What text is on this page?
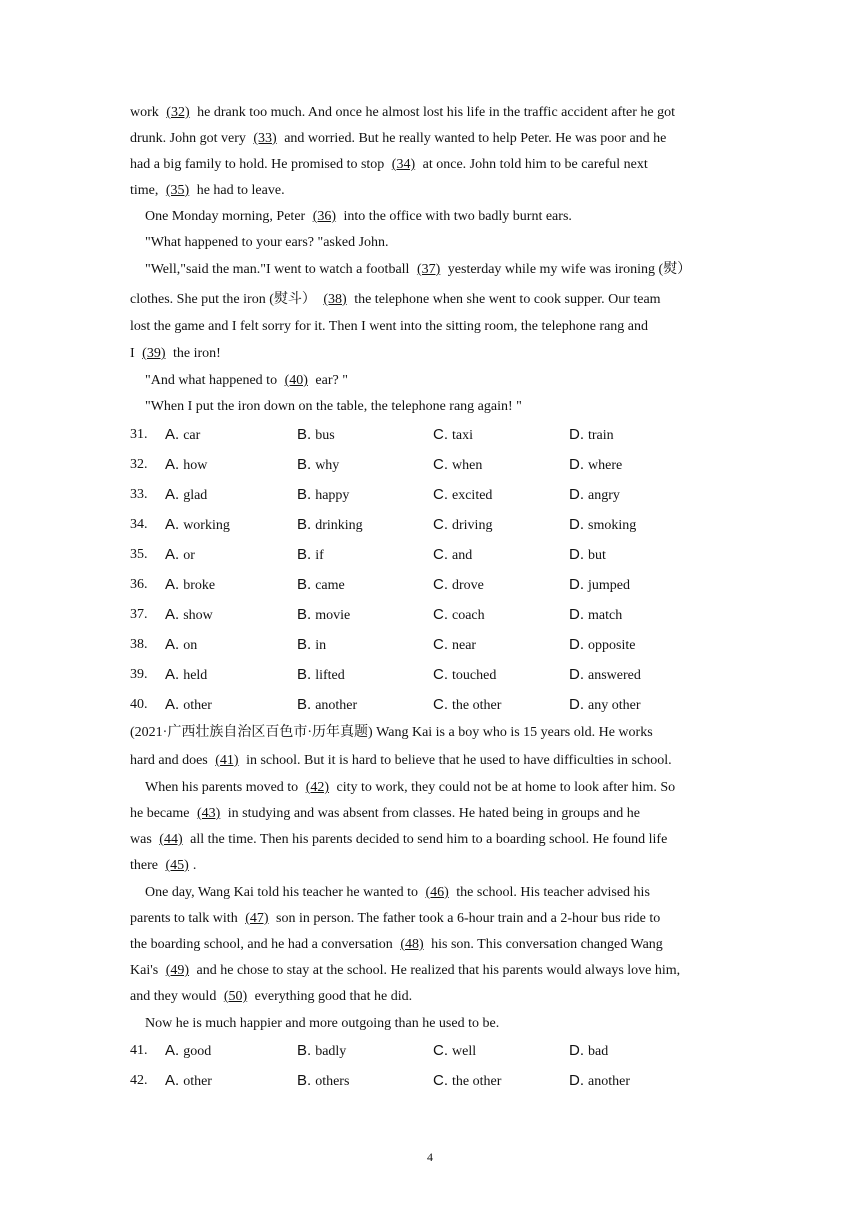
work (32) he drank too much. And once he almost lost his life in the traffic accident after he got
drunk. John got very (33) and worried. But he really wanted to help Peter. He was poor and he
had a big family to hold. He promised to stop (34) at once. John told him to be careful next
time, (35) he had to leave.
One Monday morning, Peter (36) into the office with two badly burnt ears.
"What happened to your ears? "asked John.
"Well,"said the man."I went to watch a football (37) yesterday while my wife was ironing (熨）
clothes. She put the iron (熨斗） (38) the telephone when she went to cook supper. Our team
lost the game and I felt sorry for it. Then I went into the sitting room, the telephone rang and
I (39) the iron!
"And what happened to (40) ear? "
"When I put the iron down on the table, the telephone rang again! "
31. A. car	B. bus	C. taxi	D. train
32. A. how	B. why	C. when	D. where
33. A. glad	B. happy	C. excited	D. angry
34. A. working	B. drinking	C. driving	D. smoking
35. A. or	B. if	C. and	D. but
36. A. broke	B. came	C. drove	D. jumped
37. A. show	B. movie	C. coach	D. match
38. A. on	B. in	C. near	D. opposite
39. A. held	B. lifted	C. touched	D. answered
40. A. other	B. another	C. the other	D. any other
(2021·广西壮族自治区百色市·历年真题) Wang Kai is a boy who is 15 years old. He works
hard and does (41) in school. But it is hard to believe that he used to have difficulties in school.
When his parents moved to (42) city to work, they could not be at home to look after him. So
he became (43) in studying and was absent from classes. He hated being in groups and he
was (44) all the time. Then his parents decided to send him to a boarding school. He found life
there (45) .
One day, Wang Kai told his teacher he wanted to (46) the school. His teacher advised his
parents to talk with (47) son in person. The father took a 6-hour train and a 2-hour bus ride to
the boarding school, and he had a conversation (48) his son. This conversation changed Wang
Kai's (49) and he chose to stay at the school. He realized that his parents would always love him,
and they would (50) everything good that he did.
Now he is much happier and more outgoing than he used to be.
41. A. good	B. badly	C. well	D. bad
42. A. other	B. others	C. the other	D. another
4
